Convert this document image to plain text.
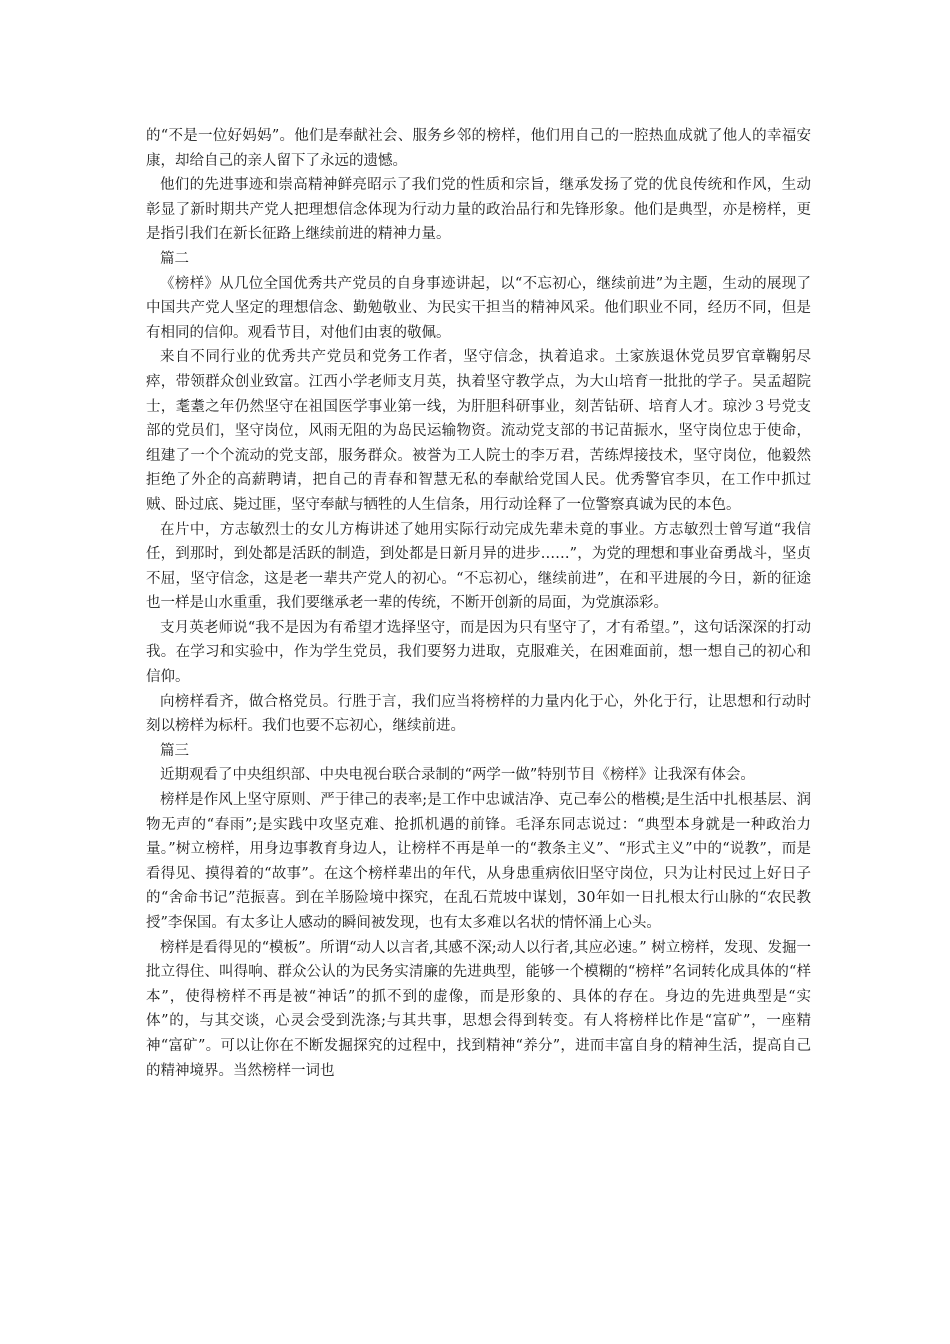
的“不是一位好妈妈”。他们是奉献社会、服务乡邻的榜样，他们用自己的一腔热血成就了他人的幸福安康，却给自己的亲人留下了永远的遗憾。

他们的先进事迹和崇高精神鲜亮昭示了我们党的性质和宗旨，继承发扬了党的优良传统和作风，生动彰显了新时期共产党人把理想信念体现为行动力量的政治品行和先锋形象。他们是典型，亦是榜样，更是指引我们在新长征路上继续前进的精神力量。

篇二

《榜样》从几位全国优秀共产党员的自身事迹讲起，以“不忘初心，继续前进”为主题，生动的展现了中国共产党人坚定的理想信念、勤勉敬业、为民实干担当的精神风采。他们职业不同，经历不同，但是有相同的信仰。观看节目，对他们由衷的敬佩。

来自不同行业的优秀共产党员和党务工作者，坚守信念，执着追求。土家族退休党员罗官章鞠躬尽瘁，带领群众创业致富。江西小学老师支月英，执着坚守教学点，为大山培育一批批的学子。吴孟超院士，耄耋之年仍然坚守在祖国医学事业第一线，为肝胆科研事业，刻苦钻研、培育人才。琼沙３号党支部的党员们，坚守岗位，风雨无阻的为岛民运输物资。流动党支部的书记苗振水，坚守岗位忠于使命，组建了一个个流动的党支部，服务群众。被誉为工人院士的李万君，苦练焊接技术，坚守岗位，他毅然拒绝了外企的高薪聘请，把自己的青春和智慧无私的奉献给党国人民。优秀警官李贝，在工作中抓过贼、卧过底、毙过匪，坚守奉献与牺牲的人生信条，用行动诠释了一位警察真诚为民的本色。

在片中，方志敏烈士的女儿方梅讲述了她用实际行动完成先辈未竟的事业。方志敏烈士曾写道“我信任，到那时，到处都是活跃的制造，到处都是日新月异的进步……”，为党的理想和事业奋勇战斗，坚贞不屈，坚守信念，这是老一辈共产党人的初心。“不忘初心，继续前进”，在和平进展的今日，新的征途也一样是山水重重，我们要继承老一辈的传统，不断开创新的局面，为党旗添彩。

支月英老师说“我不是因为有希望才选择坚守，而是因为只有坚守了，才有希望。”，这句话深深的打动我。在学习和实验中，作为学生党员，我们要努力进取，克服难关，在困难面前，想一想自己的初心和信仰。

向榜样看齐，做合格党员。行胜于言，我们应当将榜样的力量内化于心，外化于行，让思想和行动时刻以榜样为标杆。我们也要不忘初心，继续前进。

篇三

近期观看了中央组织部、中央电视台联合录制的“两学一做”特别节目《榜样》让我深有体会。

榜样是作风上坚守原则、严于律己的表率;是工作中忠诚洁净、克己奉公的楷模;是生活中扎根基层、润物无声的“春雨”;是实践中攻坚克难、抢抓机遇的前锋。毛泽东同志说过：“典型本身就是一种政治力量。”树立榜样，用身边事教育身边人，让榜样不再是单一的“教条主义”、“形式主义”中的“说教”，而是看得见、摸得着的“故事”。在这个榜样辈出的年代，从身患重病依旧坚守岗位，只为让村民过上好日子的“舍命书记”范振喜。到在羊肠险境中探究，在乱石荒坡中谋划，30年如一日扎根太行山脉的“农民教授”李保国。有太多让人感动的瞬间被发现，也有太多难以名状的情怀涌上心头。

榜样是看得见的“模板”。所谓“动人以言者,其感不深;动人以行者,其应必速。” 树立榜样，发现、发掘一批立得住、叫得响、群众公认的为民务实清廉的先进典型，能够一个模糊的“榜样”名词转化成具体的“样本”，使得榜样不再是被“神话”的抓不到的虚像，而是形象的、具体的存在。身边的先进典型是“实体”的，与其交谈，心灵会受到洗涤;与其共事，思想会得到转变。有人将榜样比作是“富矿”，一座精神“富矿”。可以让你在不断发掘探究的过程中，找到精神“养分”，进而丰富自身的精神生活，提高自己的精神境界。当然榜样一词也
